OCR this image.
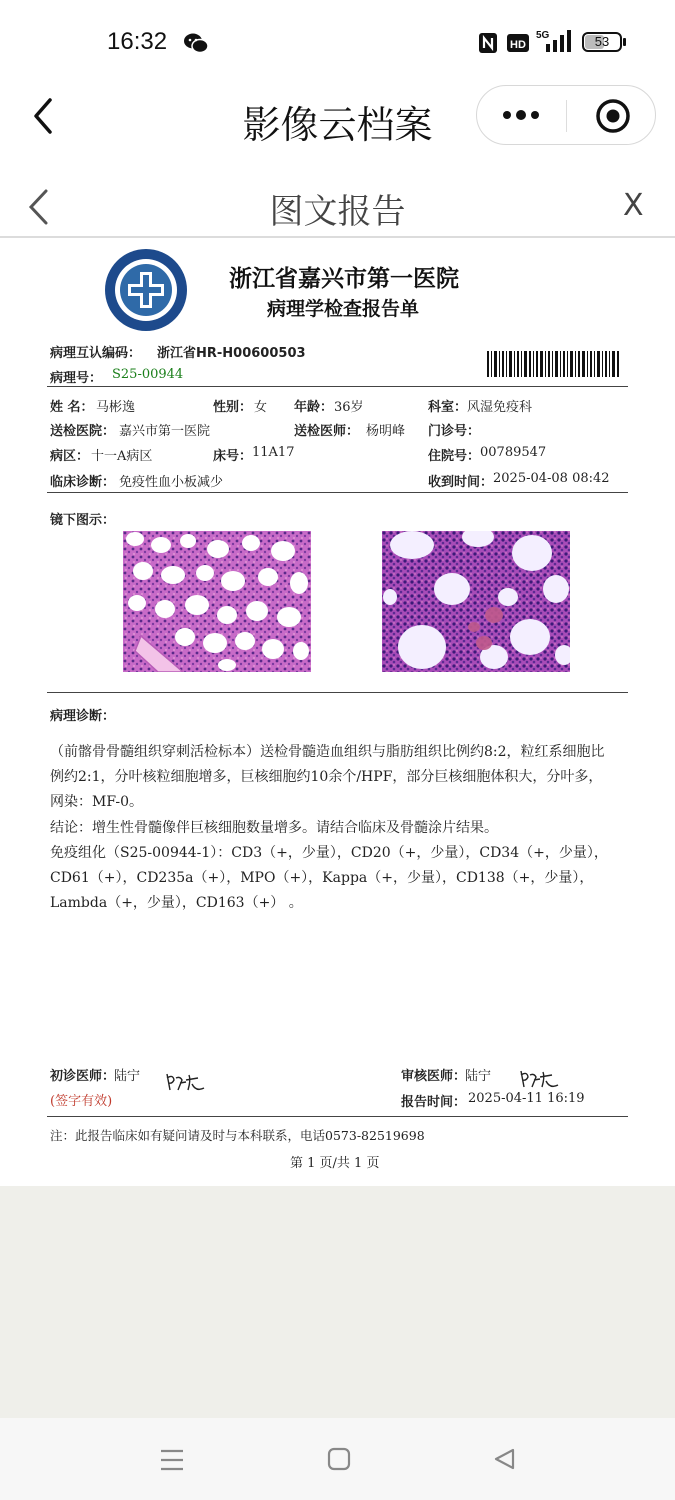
16:32	HD
5G	53
影像云档案
图文报告	X
浙江省嘉兴市第一医院
病理学检查报告单
病理互认编码： 浙江省HR-H00600503
病理号： S25-00944
姓 名： 马彬逸	性别： 女 年龄： 36岁	科室： 风湿免疫科
送检医院： 嘉兴市第一医院	送检医师： 杨明峰 门诊号：
病区： 十一A病区	床号： 11A17	住院号： 00789547
临床诊断： 免疫性血小板减少	收到时间： 2025-04-08 08:42
镜下图示：
病理诊断：
（前髂骨骨髓组织穿刺活检标本）送检骨髓造血组织与脂肪组织比例约8:2，粒红系细胞比例约2:1，分叶核粒细胞增多，巨核细胞约10余个/HPF，部分巨核细胞体积大，分叶多，网染：MF-0。
结论：增生性骨髓像伴巨核细胞数量增多。请结合临床及骨髓涂片结果。
免疫组化（S25-00944-1）：CD3（+，少量），CD20（+，少量），CD34（+，少量），CD61（+），CD235a（+），MPO（+），Kappa（+，少量），CD138（+，少量），Lambda（+，少量），CD163（+） 。
初诊医师：
陆宁
(签字有效)
审核医师：
陆宁
报告时间： 2025-04-11 16:19
注：此报告临床如有疑问请及时与本科联系，电话0573-82519698
第 1 页/共 1 页
